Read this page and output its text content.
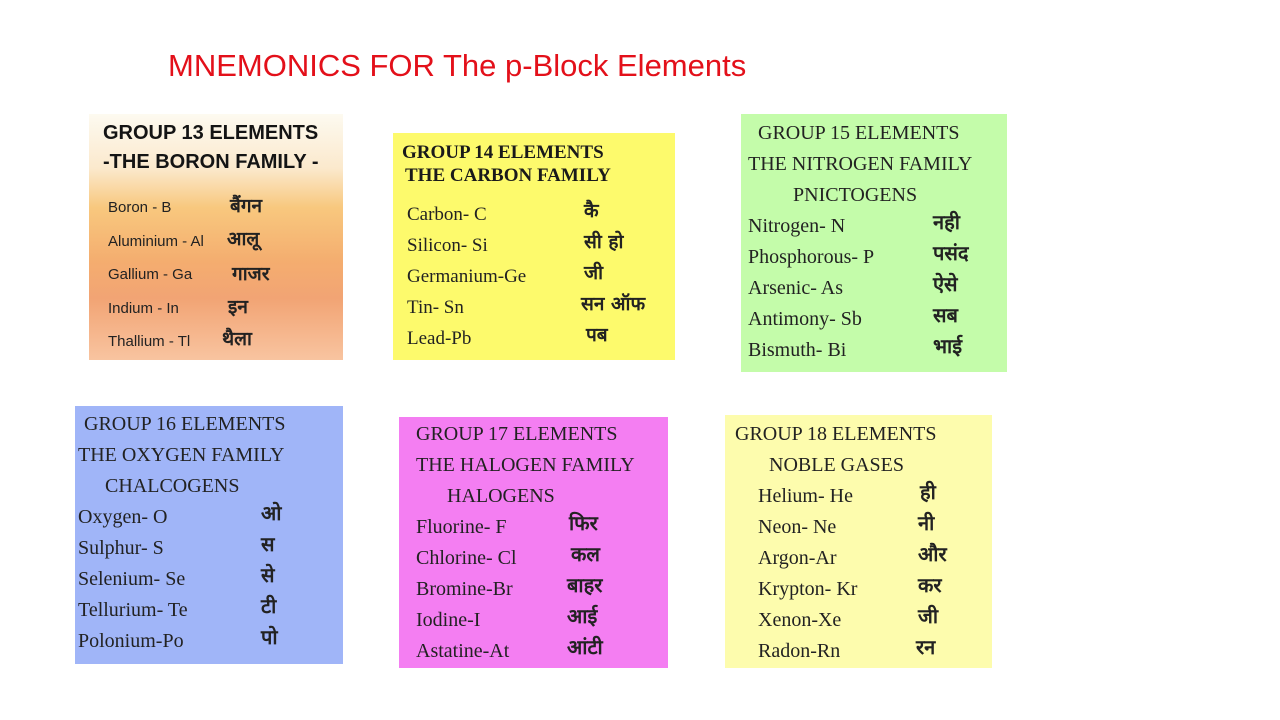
MNEMONICS FOR The p-Block Elements
GROUP 13 ELEMENTS
-THE BORON FAMILY -
Boron - B	बैंगन
Aluminium - Al आलू
Gallium - Ga गाजर
Indium - In	इन
Thallium - Tl थैला
GROUP 14 ELEMENTS
THE CARBON FAMILY
Carbon- C	कै
Silicon- Si	सी हो
Germanium-Ge	जी
Tin- Sn	सन ऑफ
Lead-Pb	पब
GROUP 15 ELEMENTS
THE NITROGEN FAMILY
PNICTOGENS
Nitrogen- N	नही
Phosphorous- P	पसंद
Arsenic- As	ऐसे
Antimony- Sb	सब
Bismuth- Bi	भाई
GROUP 16 ELEMENTS
THE OXYGEN FAMILY
CHALCOGENS
Oxygen- O	ओ
Sulphur- S	स
Selenium- Se	से
Tellurium- Te	टी
Polonium-Po	पो
GROUP 17 ELEMENTS
THE HALOGEN FAMILY
HALOGENS
Fluorine- F	फिर
Chlorine- Cl	कल
Bromine-Br	बाहर
Iodine-I	आई
Astatine-At	आंटी
GROUP 18 ELEMENTS
NOBLE GASES
Helium- He	ही
Neon- Ne	नी
Argon-Ar	और
Krypton- Kr	कर
Xenon-Xe	जी
Radon-Rn	रन
